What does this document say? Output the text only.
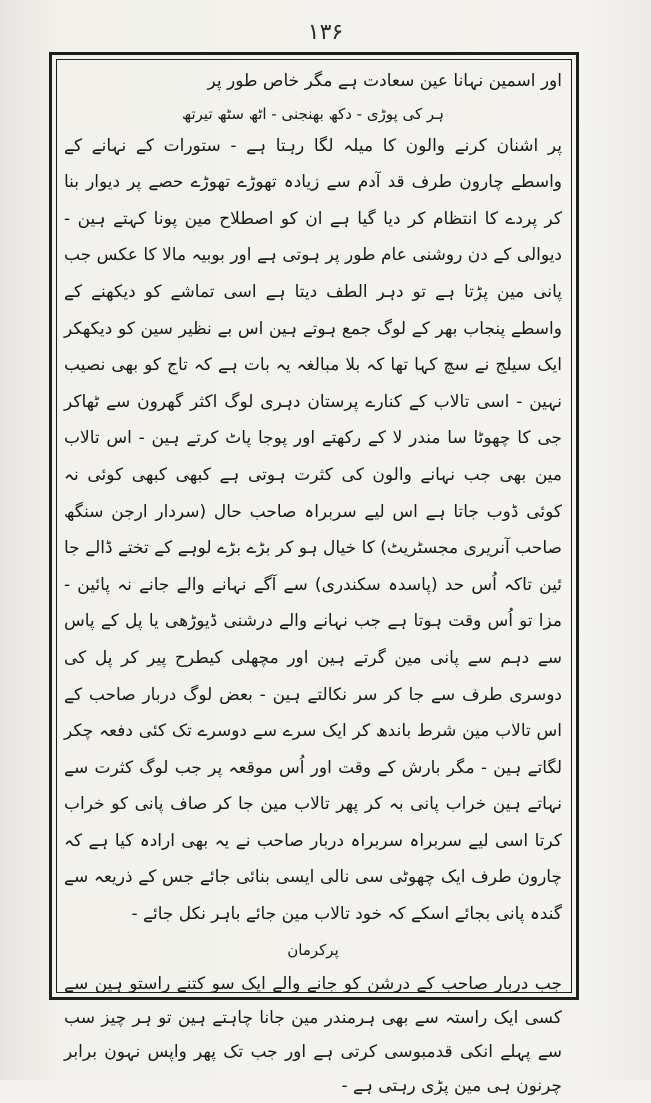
۱۳۶

اور اسمین نہانا عین سعادت ہے مگر خاص طور پر

ہر کی پوڑی - دکھ بھنجنی - اٹھ سٹھ تیرتھ

پر اشنان کرنے والون کا میلہ لگا رہتا ہے - ستورات کے نہانے کے واسطے چارون طرف قد آدم سے زیادہ تھوڑے تھوڑے حصے پر دیوار بنا کر پردے کا انتظام کر دیا گیا ہے ان کو اصطلاح مین پونا کہتے ہین - دیوالی کے دن روشنی عام طور پر ہوتی ہے اور بوبیہ مالا کا عکس جب پانی مین پڑتا ہے تو دہر الطف دیتا ہے اسی تماشے کو دیکھنے کے واسطے پنجاب بھر کے لوگ جمع ہوتے ہین اس بے نظیر سین کو دیکھکر ایک سیلج نے سچ کہا تھا کہ بلا مبالغہ یہ بات ہے کہ تاج کو بھی نصیب نہین - اسی تالاب کے کنارے پرستان دہری لوگ اکثر گھرون سے ٹھاکر جی کا چھوٹا سا مندر لا کے رکھتے اور پوجا پاٹ کرتے ہین - اس تالاب مین بھی جب نہانے والون کی کثرت ہوتی ہے کبھی کبھی کوئی نہ کوئی ڈوب جاتا ہے اس لیے سربراہ صاحب حال (سردار ارجن سنگھ صاحب آنریری مجسٹریٹ) کا خیال ہو کر بڑے بڑے لوہے کے تختے ڈالے جا ئین تاکہ اُس حد (پاسدہ سکندری) سے آگے نہانے والے جانے نہ پائین - مزا تو اُس وقت ہوتا ہے جب نہانے والے درشنی ڈیوڑھی یا پل کے پاس سے دہم سے پانی مین گرتے ہین اور مچھلی کیطرح پیر کر پل کی دوسری طرف سے جا کر سر نکالتے ہین - بعض لوگ دربار صاحب کے اس تالاب مین شرط باندھ کر ایک سرے سے دوسرے تک کئی دفعہ چکر لگاتے ہین - مگر بارش کے وقت اور اُس موقعہ پر جب لوگ کثرت سے نہاتے ہین خراب پانی بہ کر پھر تالاب مین جا کر صاف پانی کو خراب کرتا اسی لیے سربراہ سربراہ دربار صاحب نے یہ بھی ارادہ کیا ہے کہ چارون طرف ایک چھوٹی سی نالی ایسی بنائی جائے جس کے ذریعہ سے گندہ پانی بجائے اسکے کہ خود تالاب مین جائے باہر نکل جائے -

پرکرمان

جب دربار صاحب کے درشن کو جانے والے ایک سو کتنے راستو ہین سے کسی ایک راستہ سے بھی ہرمندر مین جانا چاہتے ہین تو ہر چیز سب سے پہلے انکی قدمبوسی کرتی ہے اور جب تک پھر واپس نہون برابر چرنون ہی مین پڑی رہتی ہے -
